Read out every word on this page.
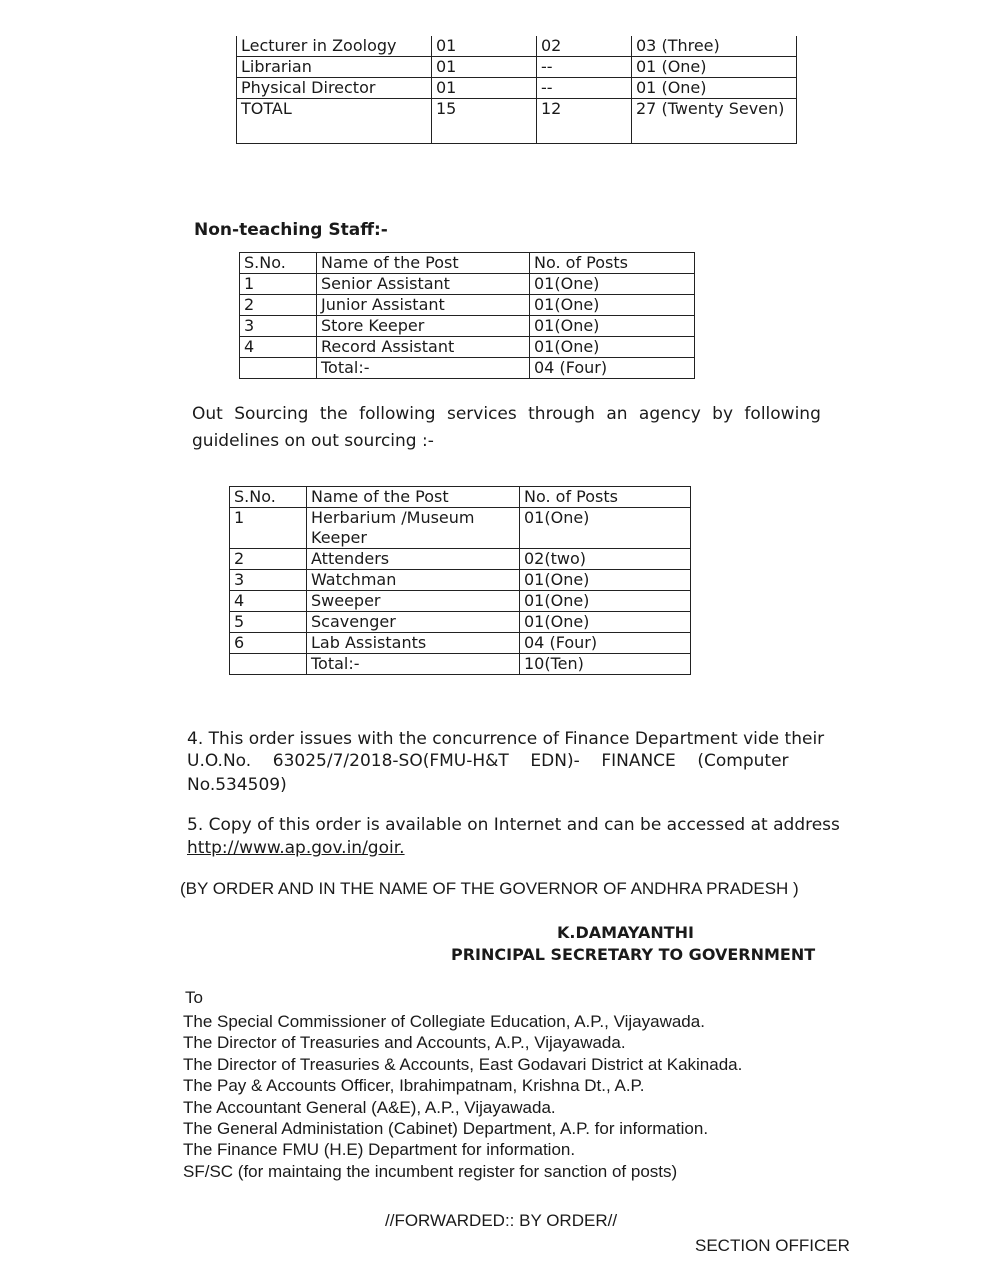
Lecturer in Zoology	01	02	03 (Three)
Librarian	01	--	01 (One)
Physical Director	01	--	01 (One)
TOTAL	15	12	27 (Twenty Seven)
Non-teaching Staff:-
S.No.	Name of the Post	No. of Posts
1	Senior Assistant	01(One)
2	Junior Assistant	01(One)
3	Store Keeper	01(One)
4	Record Assistant	01(One)
	Total:-	04 (Four)
Out Sourcing the following services through an agency by following
guidelines on out sourcing :-
S.No.	Name of the Post	No. of Posts
1	Herbarium /Museum Keeper	01(One)
2	Attenders	02(two)
3	Watchman	01(One)
4	Sweeper	01(One)
5	Scavenger	01(One)
6	Lab Assistants	04 (Four)
	Total:-	10(Ten)
4. This order issues with the concurrence of Finance Department vide their
U.O.No.    63025/7/2018-SO(FMU-H&T    EDN)-    FINANCE    (Computer
No.534509)
5. Copy of this order is available on Internet and can be accessed at address
http://www.ap.gov.in/goir.
(BY ORDER AND IN THE NAME OF THE GOVERNOR OF ANDHRA PRADESH )
K.DAMAYANTHI
PRINCIPAL SECRETARY TO GOVERNMENT
To
The Special Commissioner of Collegiate Education, A.P., Vijayawada.
The Director of Treasuries and Accounts, A.P., Vijayawada.
The Director of Treasuries & Accounts, East Godavari District at Kakinada.
The Pay & Accounts Officer, Ibrahimpatnam, Krishna Dt., A.P.
The Accountant General (A&E), A.P., Vijayawada.
The General Administation (Cabinet) Department, A.P. for information.
The Finance FMU (H.E) Department for information.
SF/SC (for maintaing the incumbent register for sanction of posts)
//FORWARDED:: BY ORDER//
SECTION OFFICER
